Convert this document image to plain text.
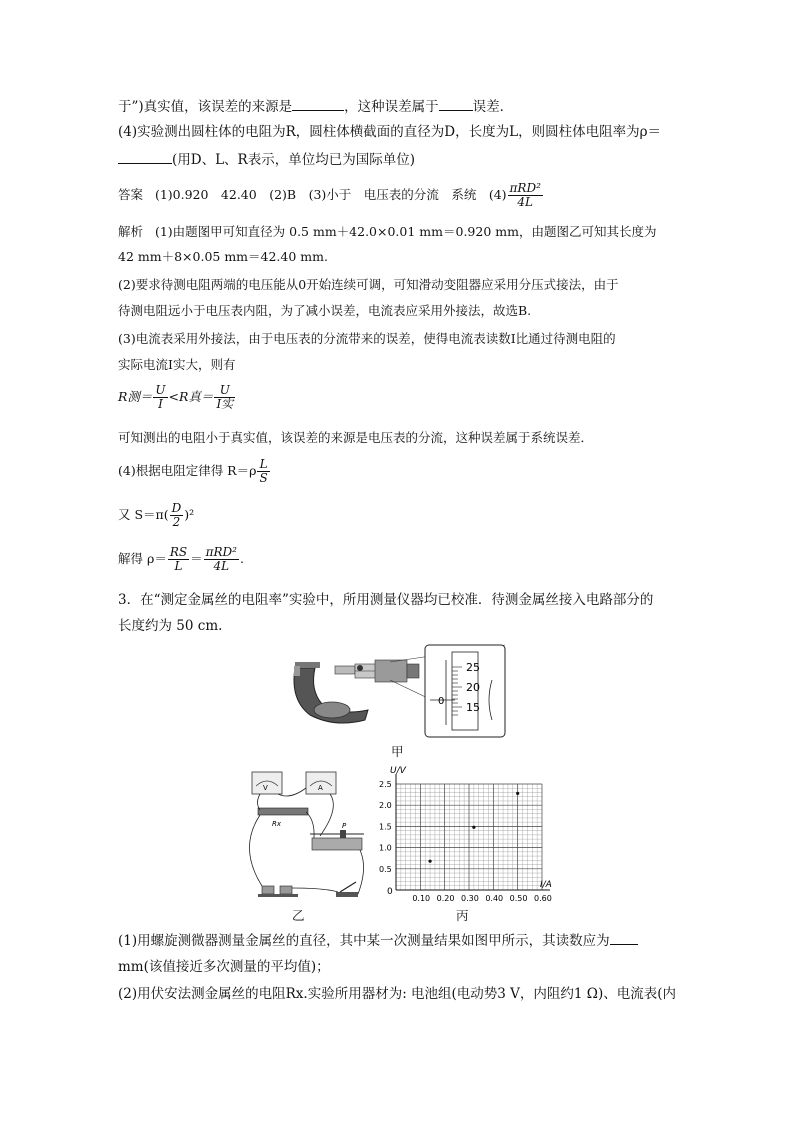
于”)真实值，该误差的来源是	，这种误差属于	误差．
(4)实验测出圆柱体的电阻为R，圆柱体横截面的直径为D，长度为L，则圆柱体电阻率为ρ＝
(用D、L、R表示，单位均已为国际单位)
答案 (1)0.920　42.40　(2)B　(3)小于　电压表的分流　系统　$(4) \frac{\text{πRD²}}{4L}$
解析 (1)由题图甲可知直径为 0.5 mm＋42.0×0.01 mm＝0.920 mm，由题图乙可知其长度为
42 mm＋8×0.05 mm＝42.40 mm.
(2)要求待测电阻两端的电压能从0开始连续可调，可知滑动变阻器应采用分压式接法，由于
待测电阻远小于电压表内阻，为了减小误差，电流表应采用外接法，故选B.
(3)电流表采用外接法，由于电压表的分流带来的误差，使得电流表读数I比通过待测电阻的
实际电流I实大，则有
R测＝ $\frac{U}{I} <R$真＝ $\frac{U}{\text{I实}}$
可知测出的电阻小于真实值，该误差的来源是电压表的分流，这种误差属于系统误差．
(4)根据电阻定律得 $R=\rho \frac{L}{S}$
又 $S=\pi( \frac{D}{2} )^2$
解得 $\rho= \frac{RS}{L} = \frac{\text{πRD²}}{4L}$ .
3．在“测定金属丝的电阻率”实验中，所用测量仪器均已校准．待测金属丝接入电路部分的
长度约为 50 cm.
25
20
15
0
甲
V	A
Rx	P
乙
U/V
I/A
0
0.10 0.20 0.30 0.40 0.50 0.60
0.5
1.0
1.5
2.0
2.5
丙
(1)用螺旋测微器测量金属丝的直径，其中某一次测量结果如图甲所示，其读数应为
mm(该值接近多次测量的平均值)；
(2)用伏安法测金属丝的电阻Rx.实验所用器材为: 电池组(电动势3 V，内阻约1 Ω)、电流表(内
